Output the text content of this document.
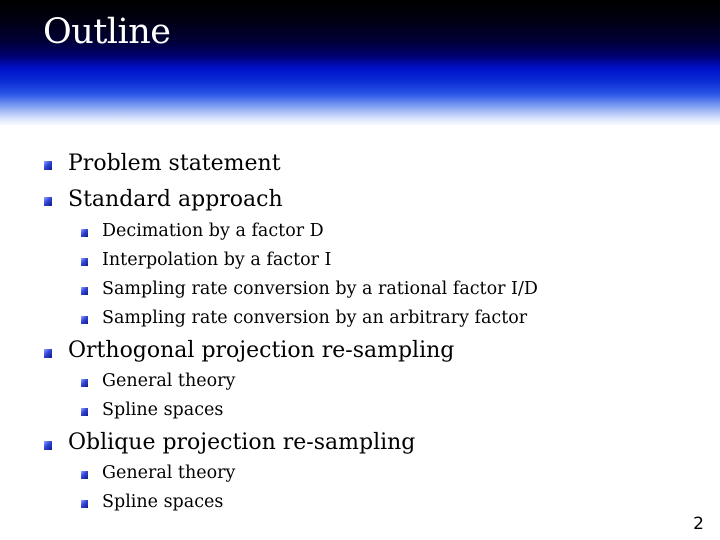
Outline
Problem statement
Standard approach
Decimation by a factor D
Interpolation by a factor I
Sampling rate conversion by a rational factor I/D
Sampling rate conversion by an arbitrary factor
Orthogonal projection re-sampling
General theory
Spline spaces
Oblique projection re-sampling
General theory
Spline spaces
2
